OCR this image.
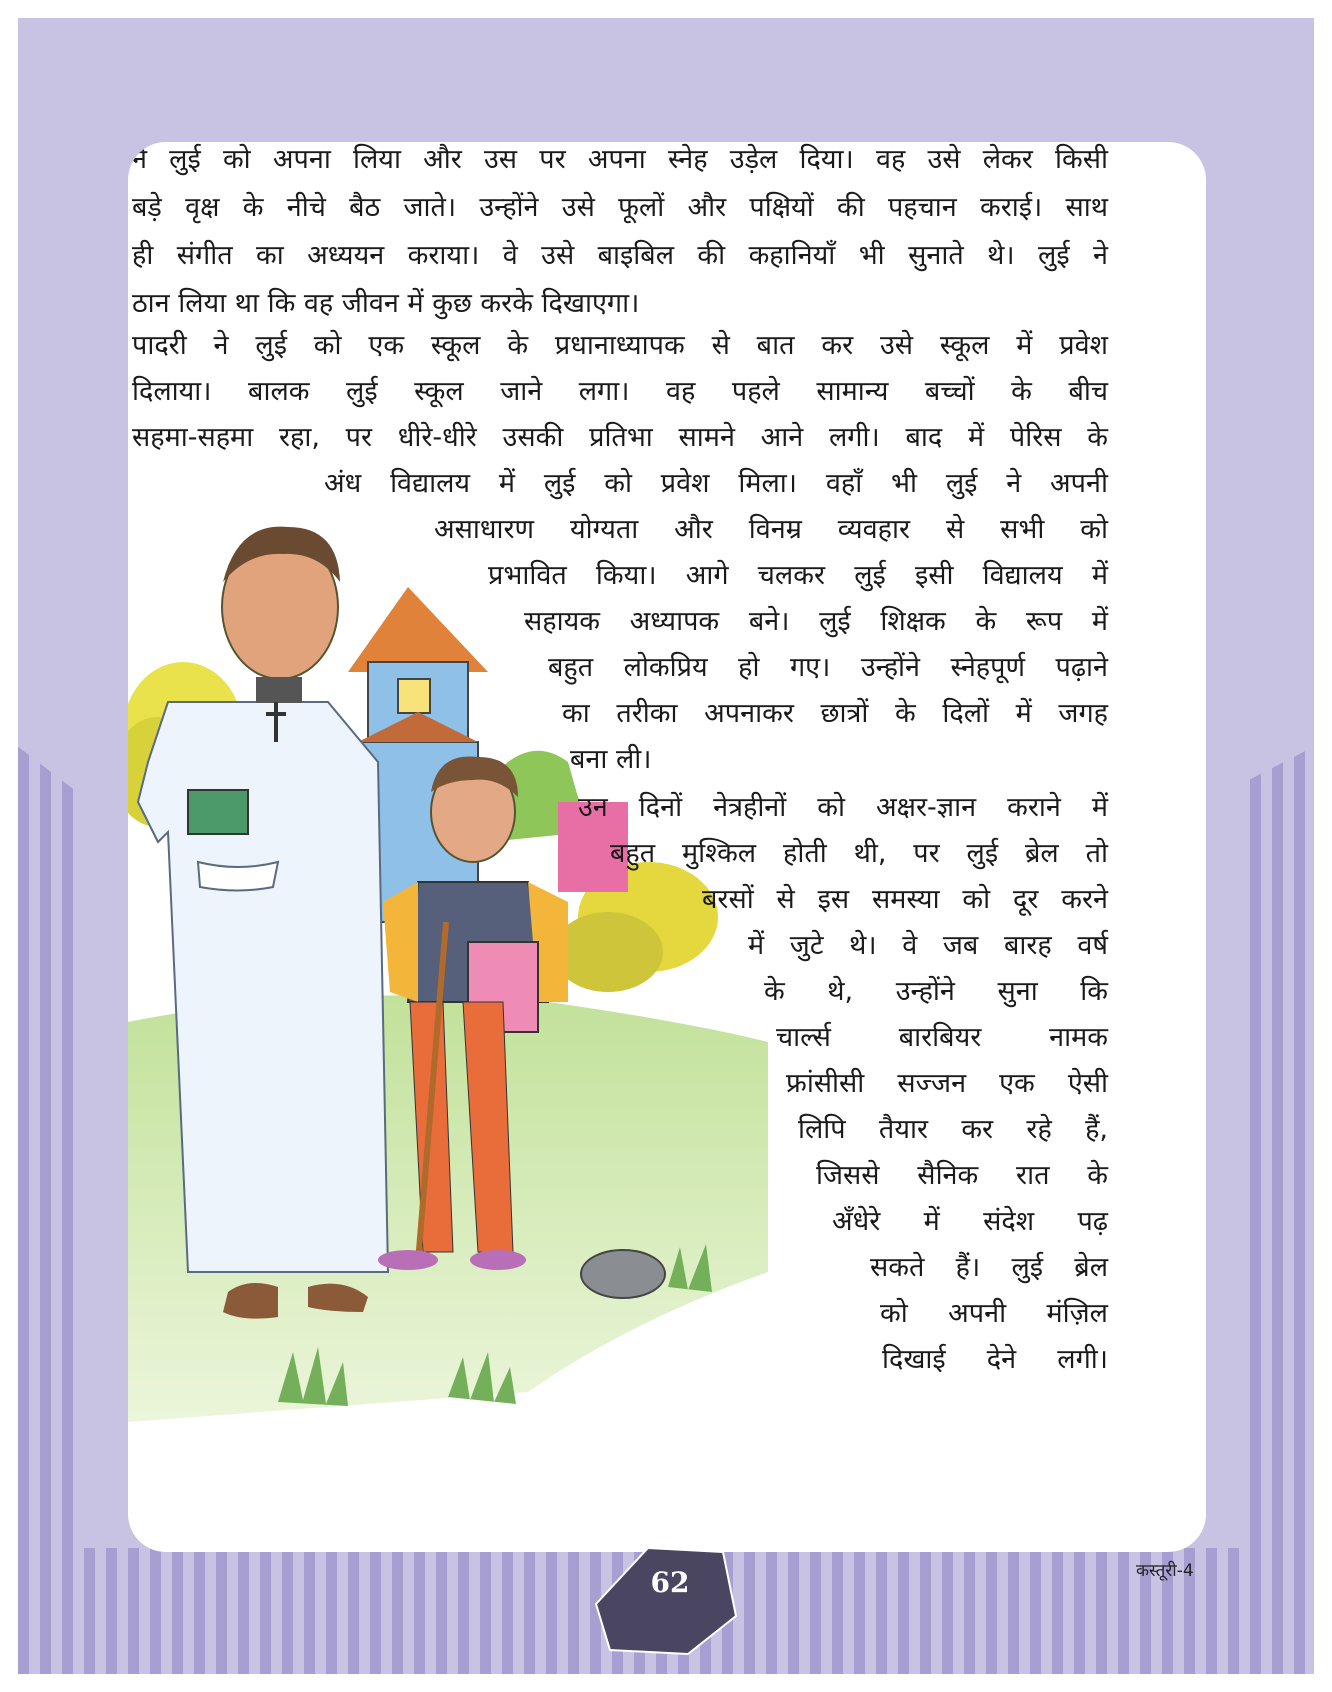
ने लुई को अपना लिया और उस पर अपना स्नेह उड़ेल दिया। वह उसे लेकर किसी
बड़े वृक्ष के नीचे बैठ जाते। उन्होंने उसे फूलों और पक्षियों की पहचान कराई। साथ
ही संगीत का अध्ययन कराया। वे उसे बाइबिल की कहानियाँ भी सुनाते थे। लुई ने
ठान लिया था कि वह जीवन में कुछ करके दिखाएगा।
पादरी ने लुई को एक स्कूल के प्रधानाध्यापक से बात कर उसे स्कूल में प्रवेश
दिलाया। बालक लुई स्कूल जाने लगा। वह पहले सामान्य बच्चों के बीच
सहमा-सहमा रहा, पर धीरे-धीरे उसकी प्रतिभा सामने आने लगी। बाद में पेरिस के
अंध विद्यालय में लुई को प्रवेश मिला। वहाँ भी लुई ने अपनी
असाधारण योग्यता और विनम्र व्यवहार से सभी को
प्रभावित किया। आगे चलकर लुई इसी विद्यालय में
सहायक अध्यापक बने। लुई शिक्षक के रूप में
बहुत लोकप्रिय हो गए। उन्होंने स्नेहपूर्ण पढ़ाने
का तरीका अपनाकर छात्रों के दिलों में जगह
बना ली।
उन दिनों नेत्रहीनों को अक्षर-ज्ञान कराने में
बहुत मुश्किल होती थी, पर लुई ब्रेल तो
बरसों से इस समस्या को दूर करने
में जुटे थे। वे जब बारह वर्ष
के थे, उन्होंने सुना कि
चार्ल्स बारबियर नामक
फ्रांसीसी सज्जन एक ऐसी
लिपि तैयार कर रहे हैं,
जिससे सैनिक रात के
अँधेरे में संदेश पढ़
सकते हैं। लुई ब्रेल
को अपनी मंज़िल
दिखाई देने लगी।
62	कस्तूरी-4
